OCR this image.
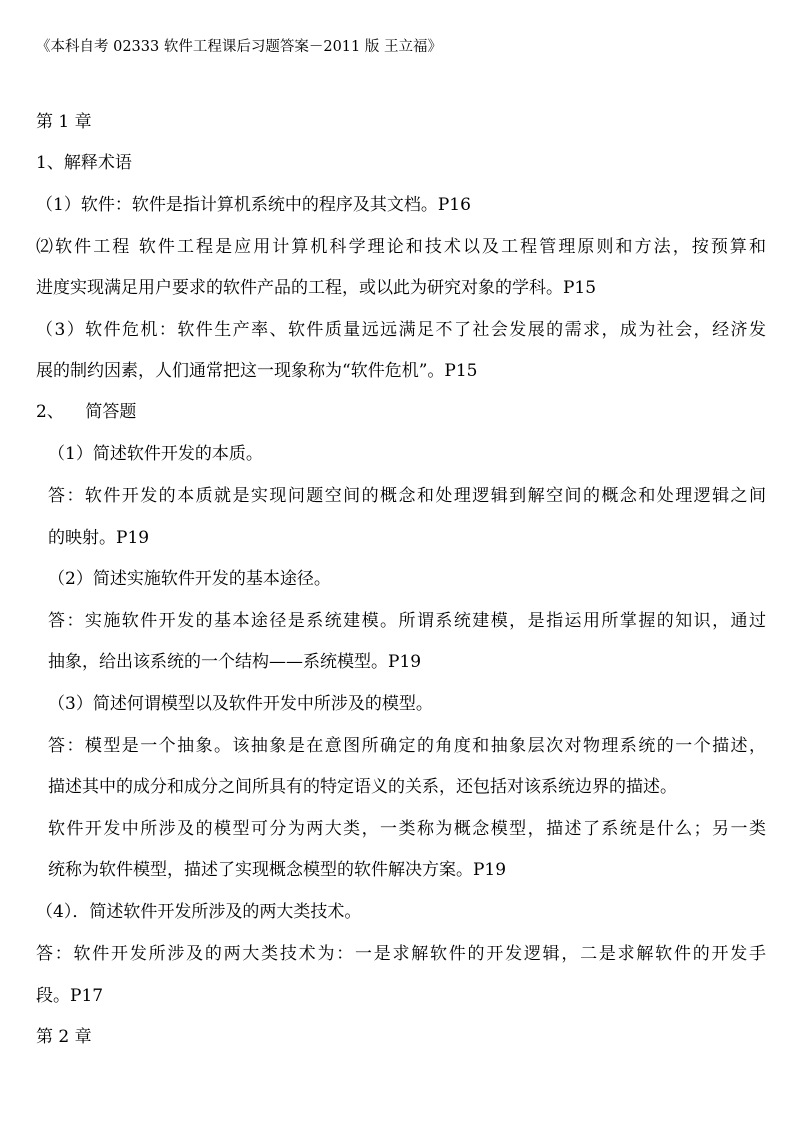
《本科自考 02333 软件工程课后习题答案－2011 版 王立福》
第 1 章
1、解释术语
（1）软件：软件是指计算机系统中的程序及其文档。P16
⑵软件工程 软件工程是应用计算机科学理论和技术以及工程管理原则和方法，按预算和
进度实现满足用户要求的软件产品的工程，或以此为研究对象的学科。P15
（3）软件危机：软件生产率、软件质量远远满足不了社会发展的需求，成为社会，经济发
展的制约因素，人们通常把这一现象称为“软件危机”。P15
2、    简答题
（1）简述软件开发的本质。
答：软件开发的本质就是实现问题空间的概念和处理逻辑到解空间的概念和处理逻辑之间
的映射。P19
（2）简述实施软件开发的基本途径。
答：实施软件开发的基本途径是系统建模。所谓系统建模，是指运用所掌握的知识，通过
抽象，给出该系统的一个结构——系统模型。P19
（3）简述何谓模型以及软件开发中所涉及的模型。
答：模型是一个抽象。该抽象是在意图所确定的角度和抽象层次对物理系统的一个描述，
描述其中的成分和成分之间所具有的特定语义的关系，还包括对该系统边界的描述。
软件开发中所涉及的模型可分为两大类，一类称为概念模型，描述了系统是什么；另一类
统称为软件模型，描述了实现概念模型的软件解决方案。P19
（4）．简述软件开发所涉及的两大类技术。
答：软件开发所涉及的两大类技术为：一是求解软件的开发逻辑，二是求解软件的开发手
段。P17
第 2 章
